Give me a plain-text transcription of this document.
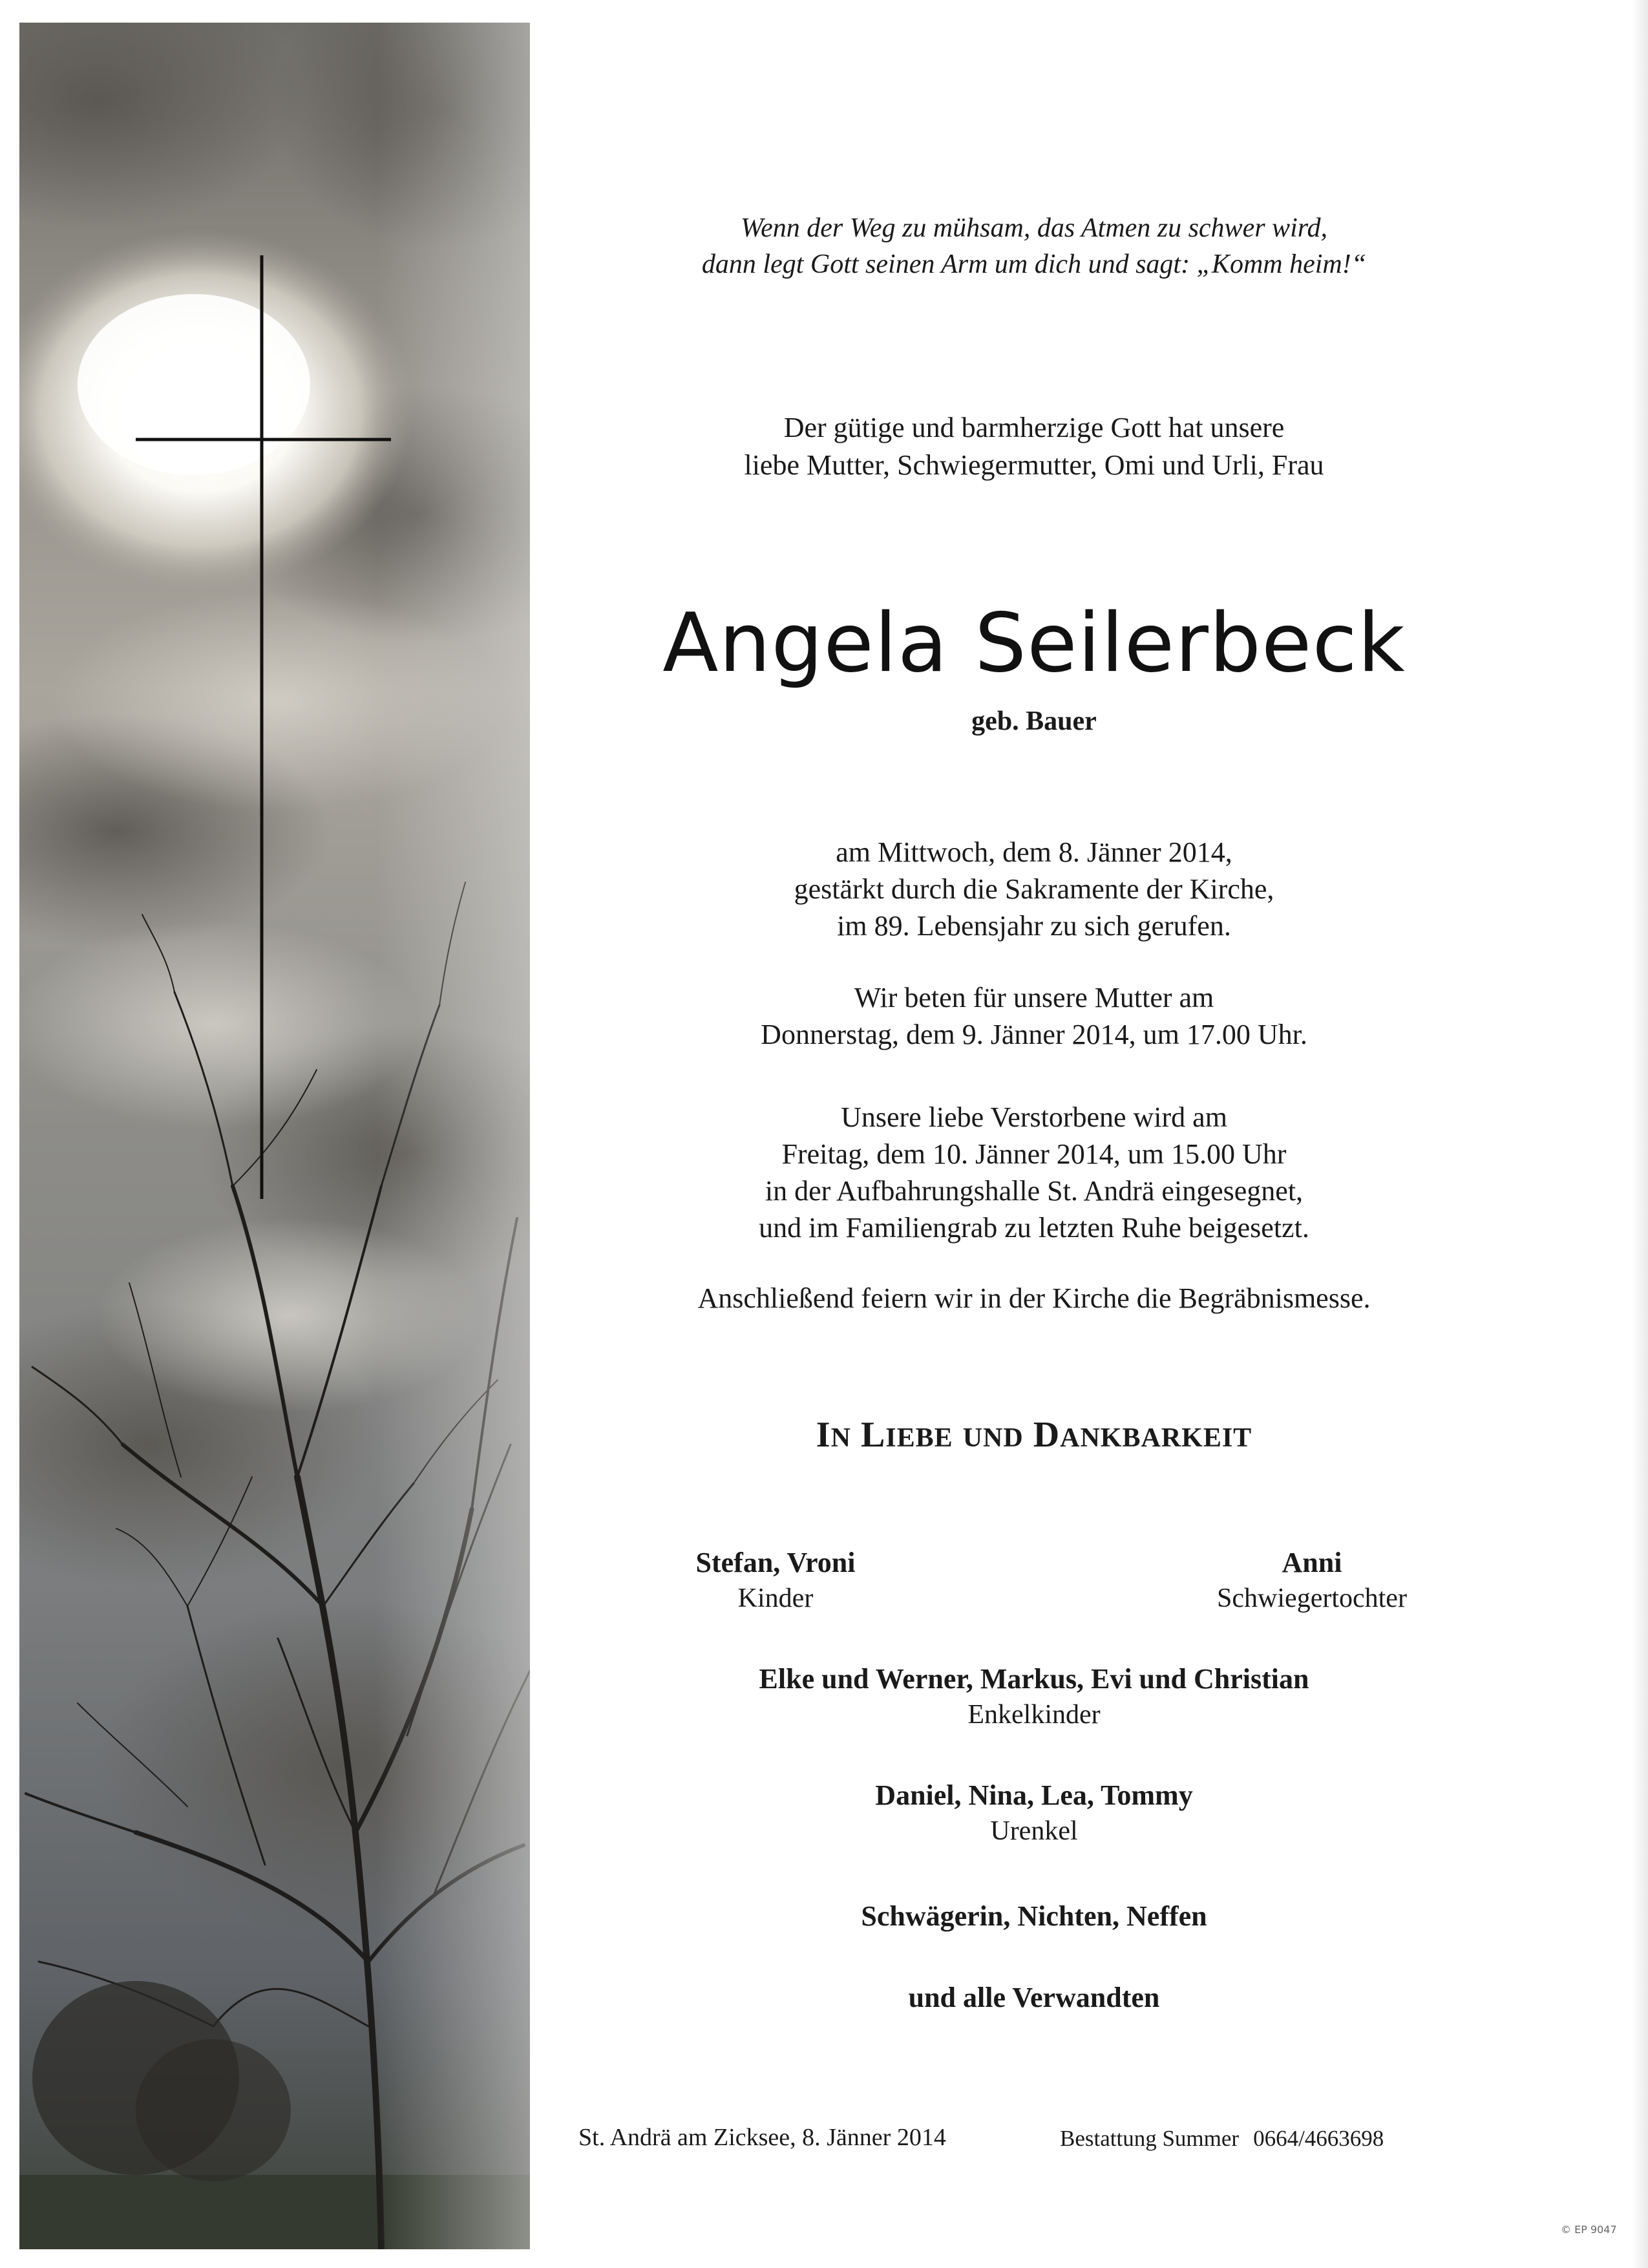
Wenn der Weg zu mühsam, das Atmen zu schwer wird,
dann legt Gott seinen Arm um dich und sagt: „Komm heim!“
Der gütige und barmherzige Gott hat unsere
liebe Mutter, Schwiegermutter, Omi und Urli, Frau
Angela Seilerbeck
geb. Bauer
am Mittwoch, dem 8. Jänner 2014,
gestärkt durch die Sakramente der Kirche,
im 89. Lebensjahr zu sich gerufen.
Wir beten für unsere Mutter am
Donnerstag, dem 9. Jänner 2014, um 17.00 Uhr.
Unsere liebe Verstorbene wird am
Freitag, dem 10. Jänner 2014, um 15.00 Uhr
in der Aufbahrungshalle St. Andrä eingesegnet,
und im Familiengrab zu letzten Ruhe beigesetzt.
Anschließend feiern wir in der Kirche die Begräbnismesse.
IN LIEBE UND DANKBARKEIT
Stefan, Vroni
Kinder
Anni
Schwiegertochter
Elke und Werner, Markus, Evi und Christian
Enkelkinder
Daniel, Nina, Lea, Tommy
Urenkel
Schwägerin, Nichten, Neffen
und alle Verwandten
St. Andrä am Zicksee, 8. Jänner 2014	Bestattung Summer 0664/4663698
© EP 9047
